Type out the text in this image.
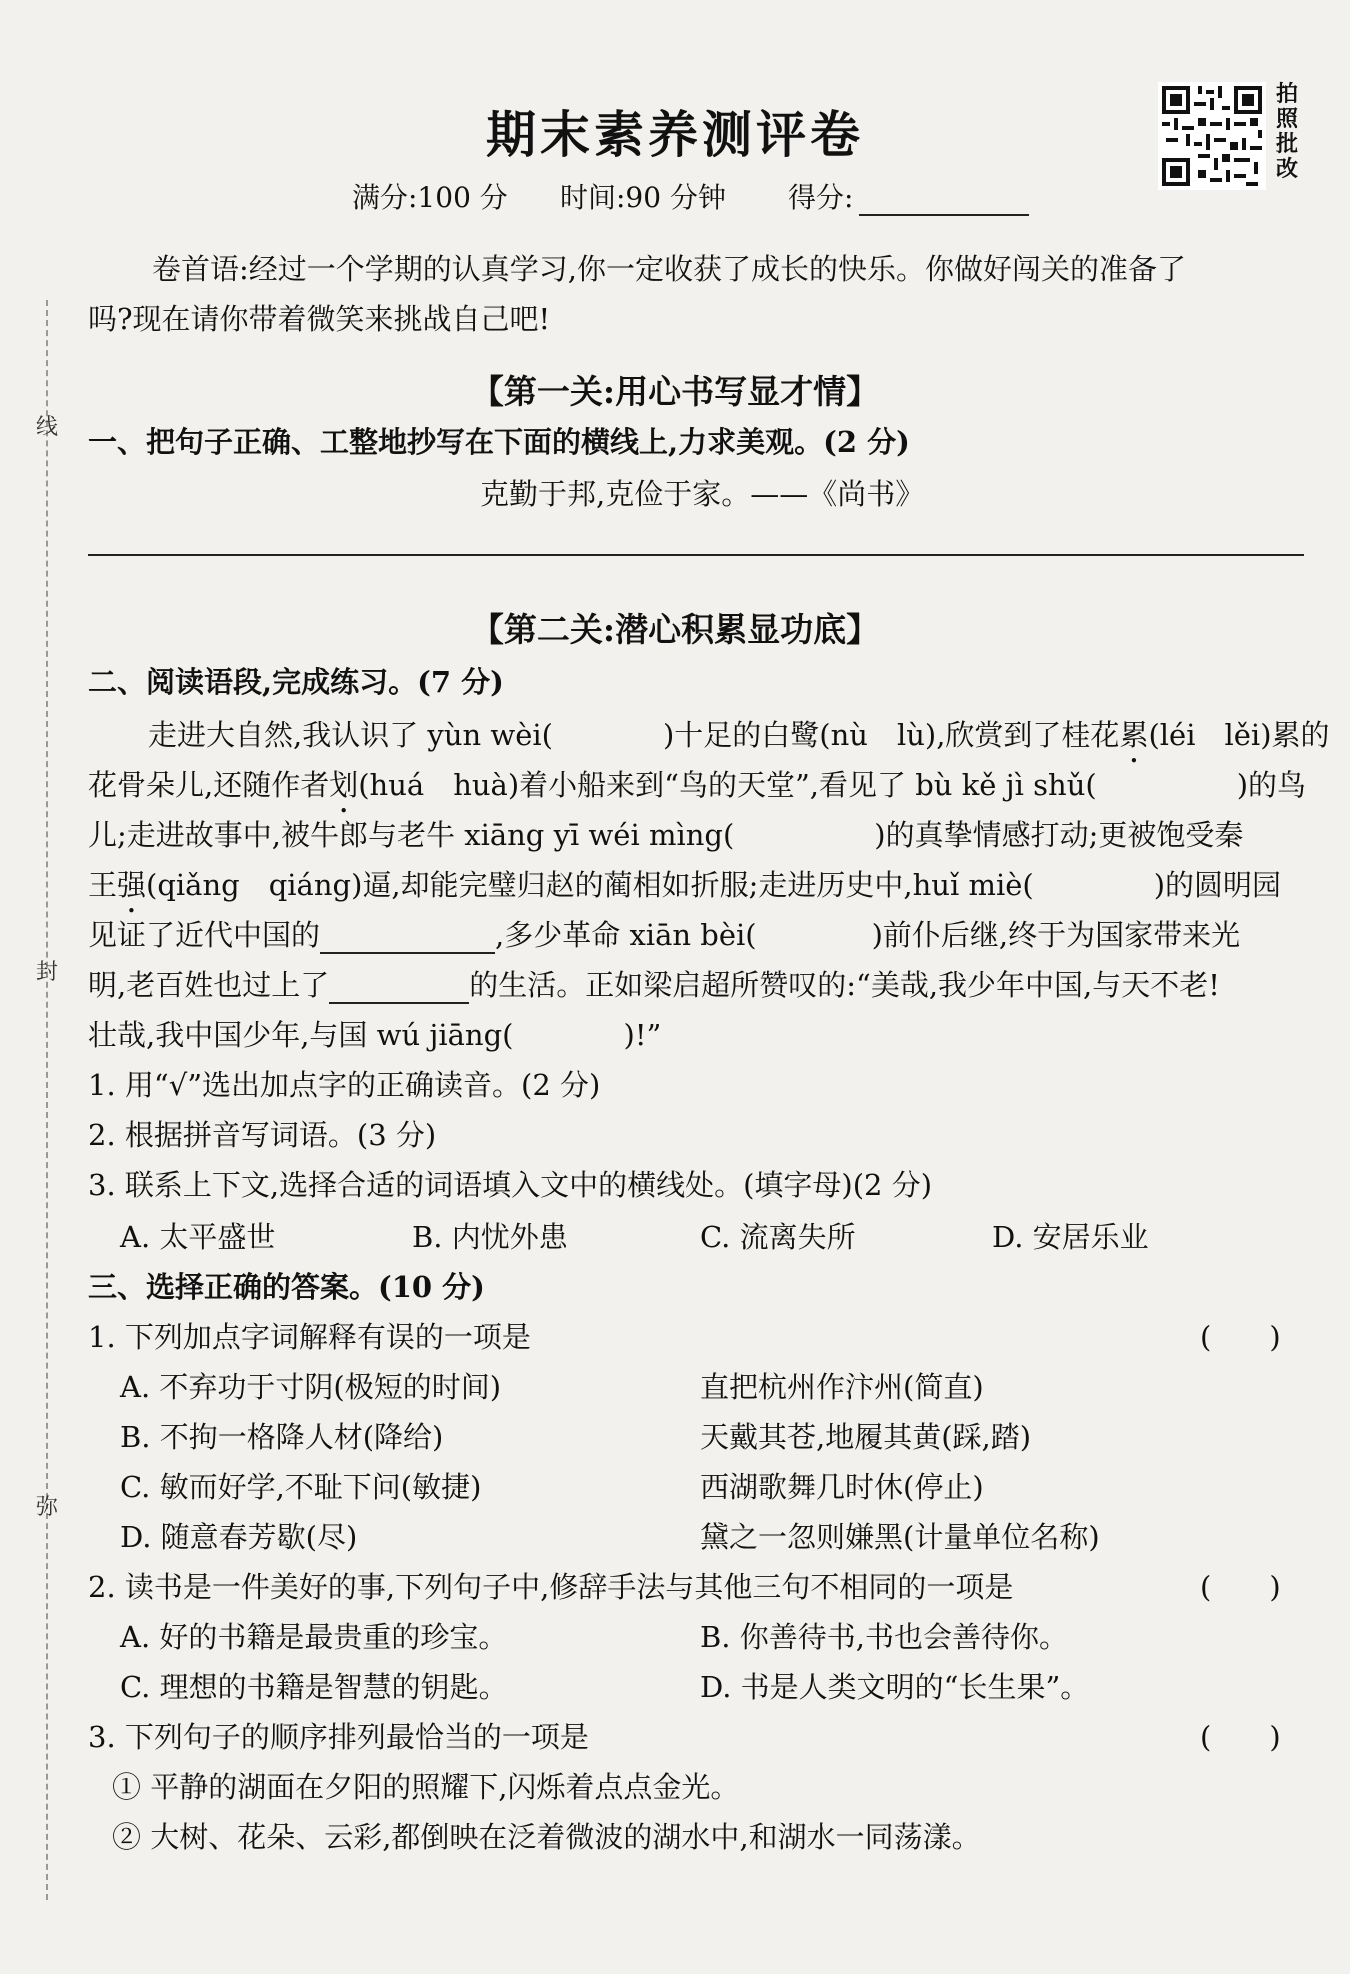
线
封
弥
期末素养测评卷
拍照批改
满分:100 分 时间:90 分钟 得分:
卷首语:经过一个学期的认真学习,你一定收获了成长的快乐。你做好闯关的准备了
吗?现在请你带着微笑来挑战自己吧!
【第一关:用心书写显才情】
一、把句子正确、工整地抄写在下面的横线上,力求美观。(2 分)
克勤于邦,克俭于家。——《尚书》
【第二关:潜心积累显功底】
二、阅读语段,完成练习。(7 分)
走进大自然,我认识了 yùn wèi(	)十足的白鹭(nù　lù),欣赏到了桂花累(léi　lěi)累的
花骨朵儿,还随作者划(huá　huà)着小船来到“鸟的天堂”,看见了 bù kě jì shǔ(	)的鸟
儿;走进故事中,被牛郎与老牛 xiāng yī wéi mìng(	)的真挚情感打动;更被饱受秦
王强(qiǎng　qiáng)逼,却能完璧归赵的蔺相如折服;走进历史中,huǐ miè(	)的圆明园
见证了近代中国的	,多少革命 xiān bèi(	)前仆后继,终于为国家带来光
明,老百姓也过上了	的生活。正如梁启超所赞叹的:“美哉,我少年中国,与天不老!
壮哉,我中国少年,与国 wú jiāng(	)!”
1. 用“√”选出加点字的正确读音。(2 分)
2. 根据拼音写词语。(3 分)
3. 联系上下文,选择合适的词语填入文中的横线处。(填字母)(2 分)
A. 太平盛世	B. 内忧外患	C. 流离失所	D. 安居乐业
三、选择正确的答案。(10 分)
1. 下列加点字词解释有误的一项是	(　　)
A. 不弃功于寸阴(极短的时间)	直把杭州作汴州(简直)
B. 不拘一格降人材(降给)	天戴其苍,地履其黄(踩,踏)
C. 敏而好学,不耻下问(敏捷)	西湖歌舞几时休(停止)
D. 随意春芳歇(尽)	黛之一忽则嫌黑(计量单位名称)
2. 读书是一件美好的事,下列句子中,修辞手法与其他三句不相同的一项是	(　　)
A. 好的书籍是最贵重的珍宝。	B. 你善待书,书也会善待你。
C. 理想的书籍是智慧的钥匙。	D. 书是人类文明的“长生果”。
3. 下列句子的顺序排列最恰当的一项是	(　　)
① 平静的湖面在夕阳的照耀下,闪烁着点点金光。
② 大树、花朵、云彩,都倒映在泛着微波的湖水中,和湖水一同荡漾。
